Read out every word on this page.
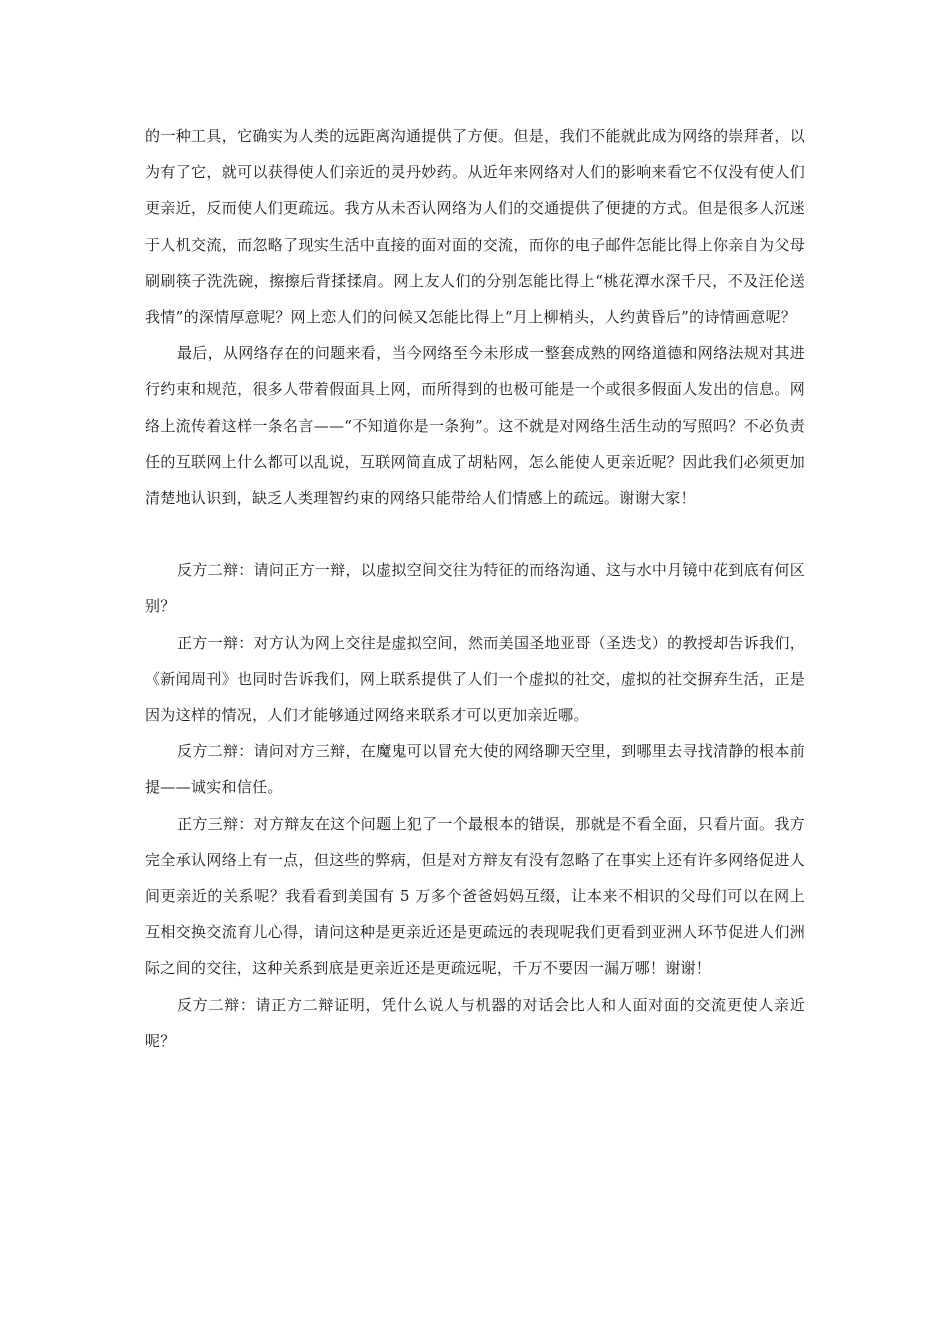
的一种工具，它确实为人类的远距离沟通提供了方便。但是，我们不能就此成为网络的崇拜者，以为有了它，就可以获得使人们亲近的灵丹妙药。从近年来网络对人们的影响来看它不仅没有使人们更亲近，反而使人们更疏远。我方从未否认网络为人们的交通提供了便捷的方式。但是很多人沉迷于人机交流，而忽略了现实生活中直接的面对面的交流，而你的电子邮件怎能比得上你亲自为父母刷刷筷子洗洗碗，擦擦后背揉揉肩。网上友人们的分别怎能比得上“桃花潭水深千尺，不及汪伦送我情”的深情厚意呢？网上恋人们的问候又怎能比得上“月上柳梢头，人约黄昏后”的诗情画意呢？

最后，从网络存在的问题来看，当今网络至今未形成一整套成熟的网络道德和网络法规对其进行约束和规范，很多人带着假面具上网，而所得到的也极可能是一个或很多假面人发出的信息。网络上流传着这样一条名言——“不知道你是一条狗”。这不就是对网络生活生动的写照吗？不必负责任的互联网上什么都可以乱说，互联网简直成了胡粘网，怎么能使人更亲近呢？因此我们必须更加清楚地认识到，缺乏人类理智约束的网络只能带给人们情感上的疏远。谢谢大家！

反方二辩：请问正方一辩，以虚拟空间交往为特征的而络沟通、这与水中月镜中花到底有何区别？

正方一辩：对方认为网上交往是虚拟空间，然而美国圣地亚哥（圣迭戈）的教授却告诉我们，《新闻周刊》也同时告诉我们，网上联系提供了人们一个虚拟的社交，虚拟的社交摒弃生活，正是因为这样的情况，人们才能够通过网络来联系才可以更加亲近哪。

反方二辩：请问对方三辩，在魔鬼可以冒充大使的网络聊天空里，到哪里去寻找清静的根本前提——诚实和信任。

正方三辩：对方辩友在这个问题上犯了一个最根本的错误，那就是不看全面，只看片面。我方完全承认网络上有一点，但这些的弊病，但是对方辩友有没有忽略了在事实上还有许多网络促进人间更亲近的关系呢？我看看到美国有 5 万多个爸爸妈妈互缀，让本来不相识的父母们可以在网上互相交换交流育儿心得，请问这种是更亲近还是更疏远的表现呢我们更看到亚洲人环节促进人们洲际之间的交往，这种关系到底是更亲近还是更疏远呢，千万不要因一漏万哪！谢谢！

反方二辩：请正方二辩证明，凭什么说人与机器的对话会比人和人面对面的交流更使人亲近呢？
